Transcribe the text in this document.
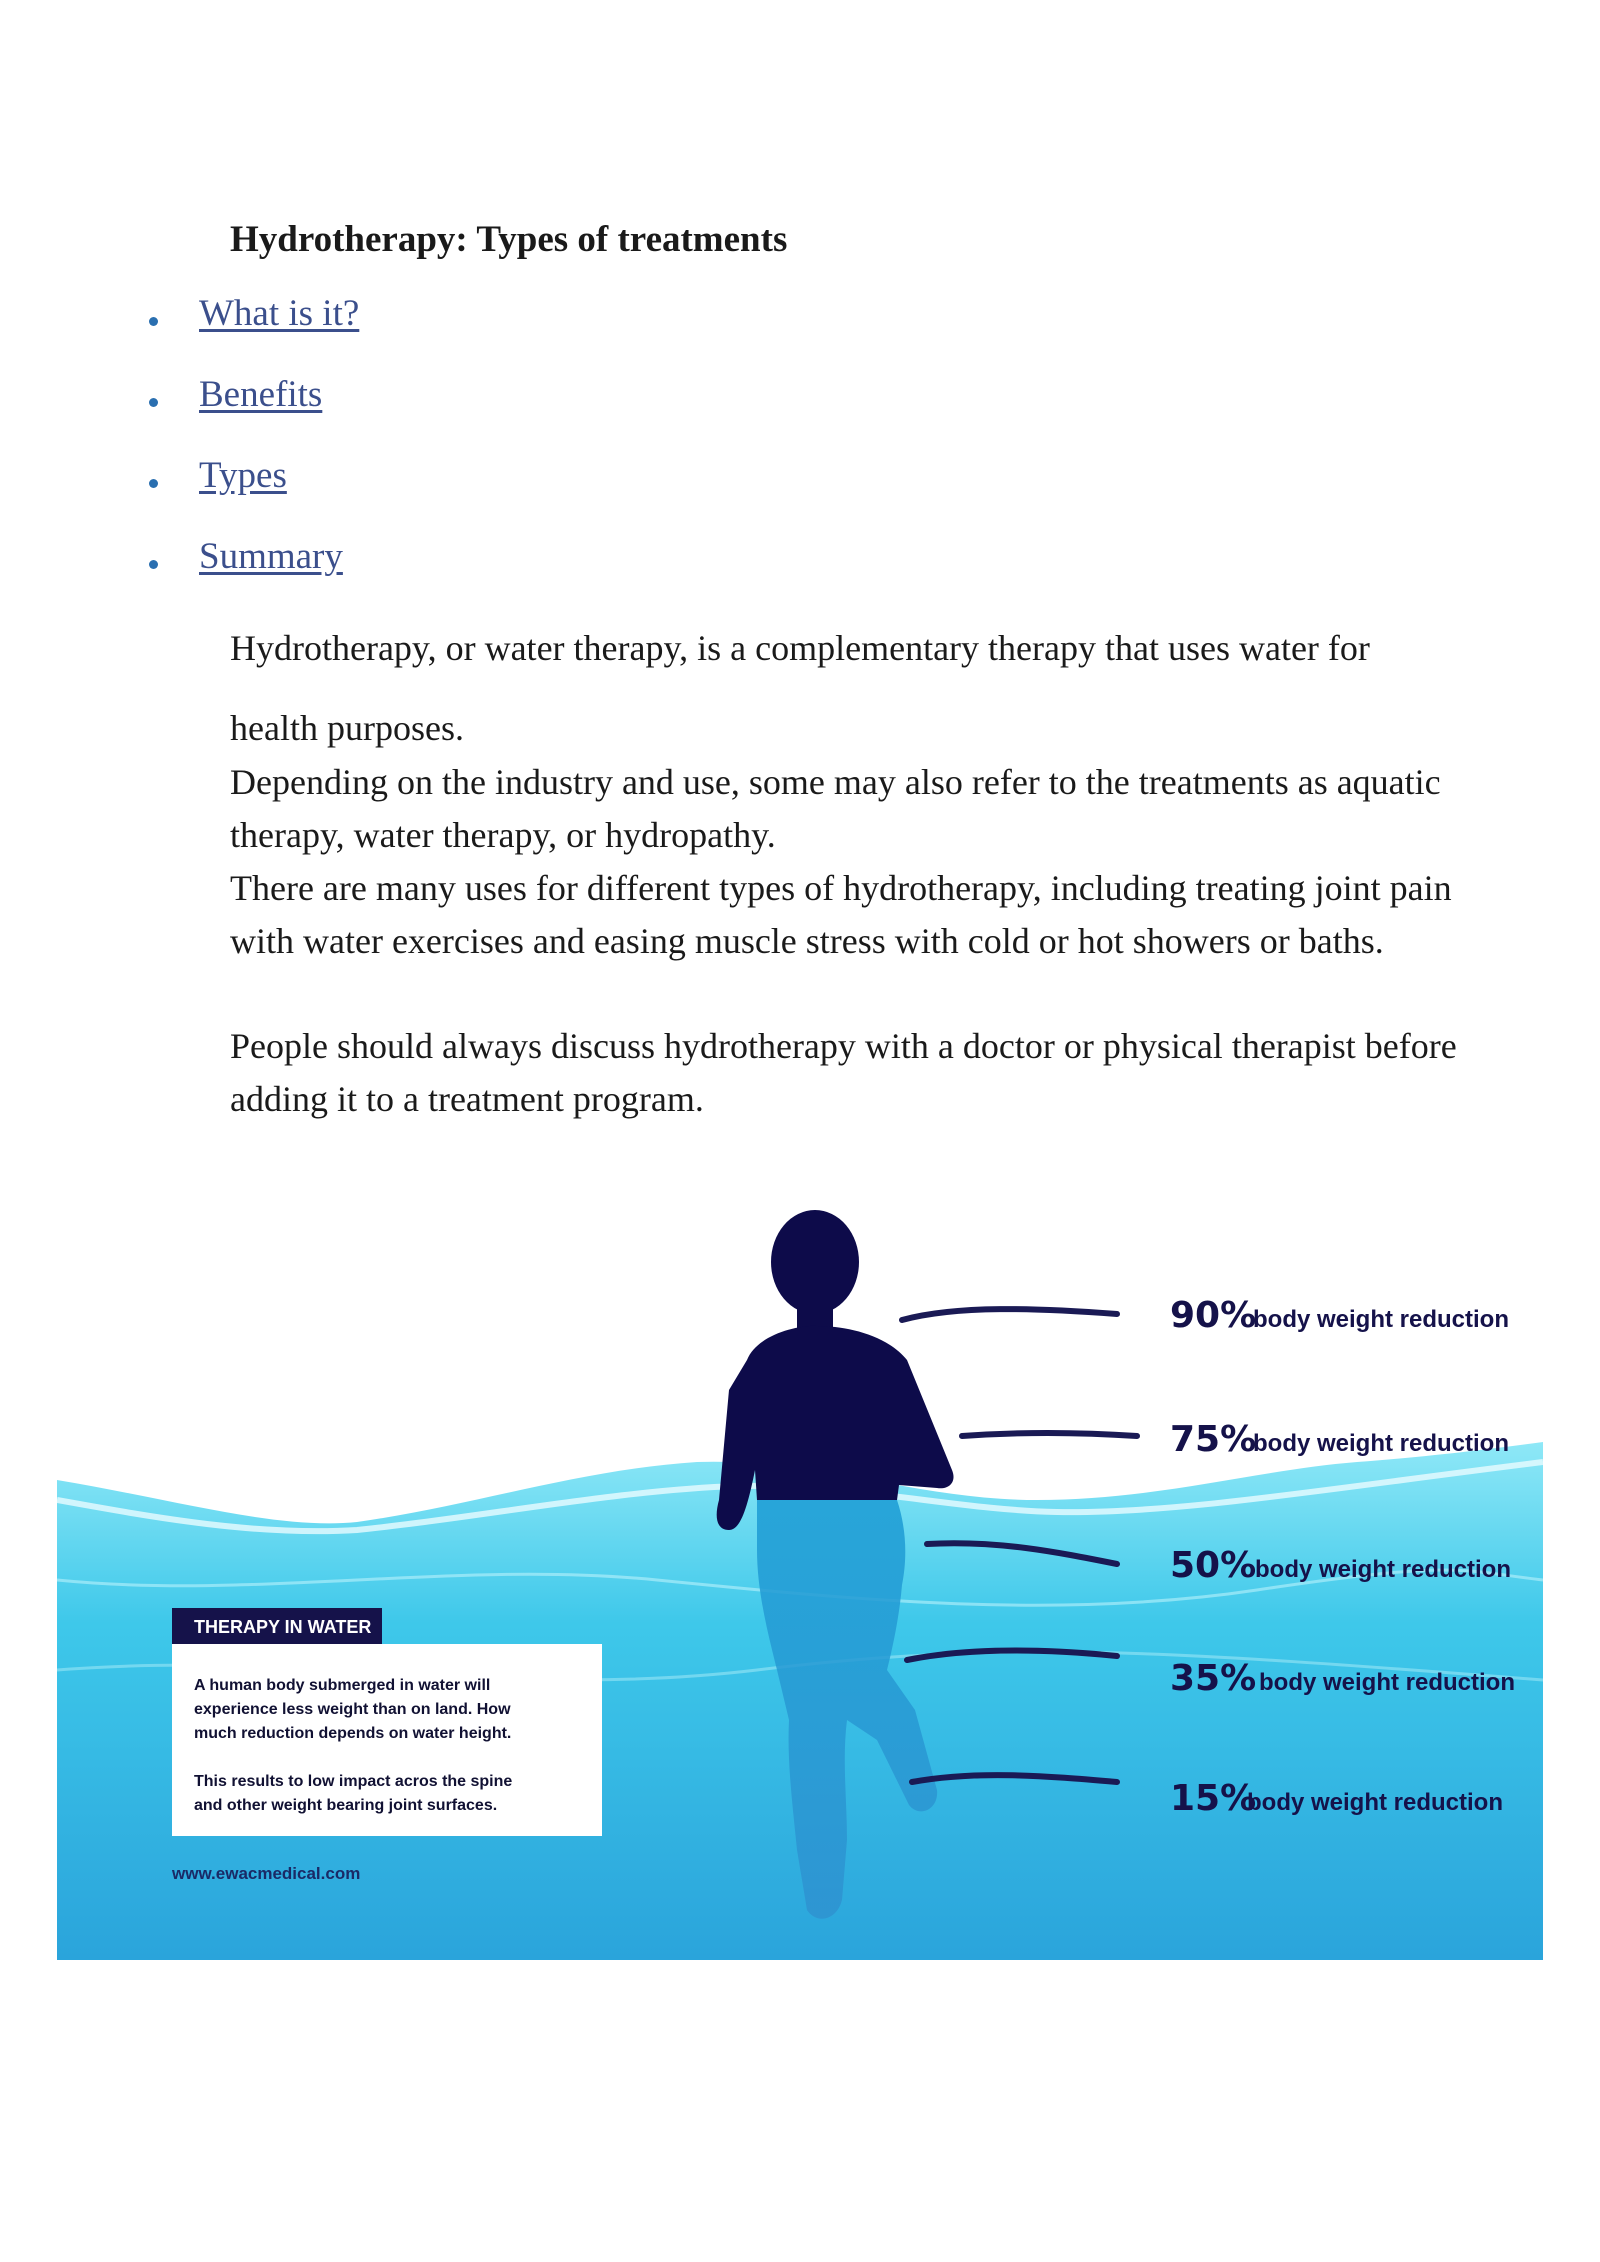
Hydrotherapy: Types of treatments
What is it?
Benefits
Types
Summary

Hydrotherapy, or water therapy, is a complementary therapy that uses water for

health purposes.

Depending on the industry and use, some may also refer to the treatments as aquatic therapy, water therapy, or hydropathy.

There are many uses for different types of hydrotherapy, including treating joint pain with water exercises and easing muscle stress with cold or hot showers or baths.

People should always discuss hydrotherapy with a doctor or physical therapist before adding it to a treatment program.

90%
body weight reduction
75%
body weight reduction
50%
body weight reduction
35% body weight reduction
15%
body weight reduction
THERAPY IN WATER
A human body submerged in water will
experience less weight than on land. How
much reduction depends on water height.
This results to low impact acros the spine
and other weight bearing joint surfaces.
www.ewacmedical.com
